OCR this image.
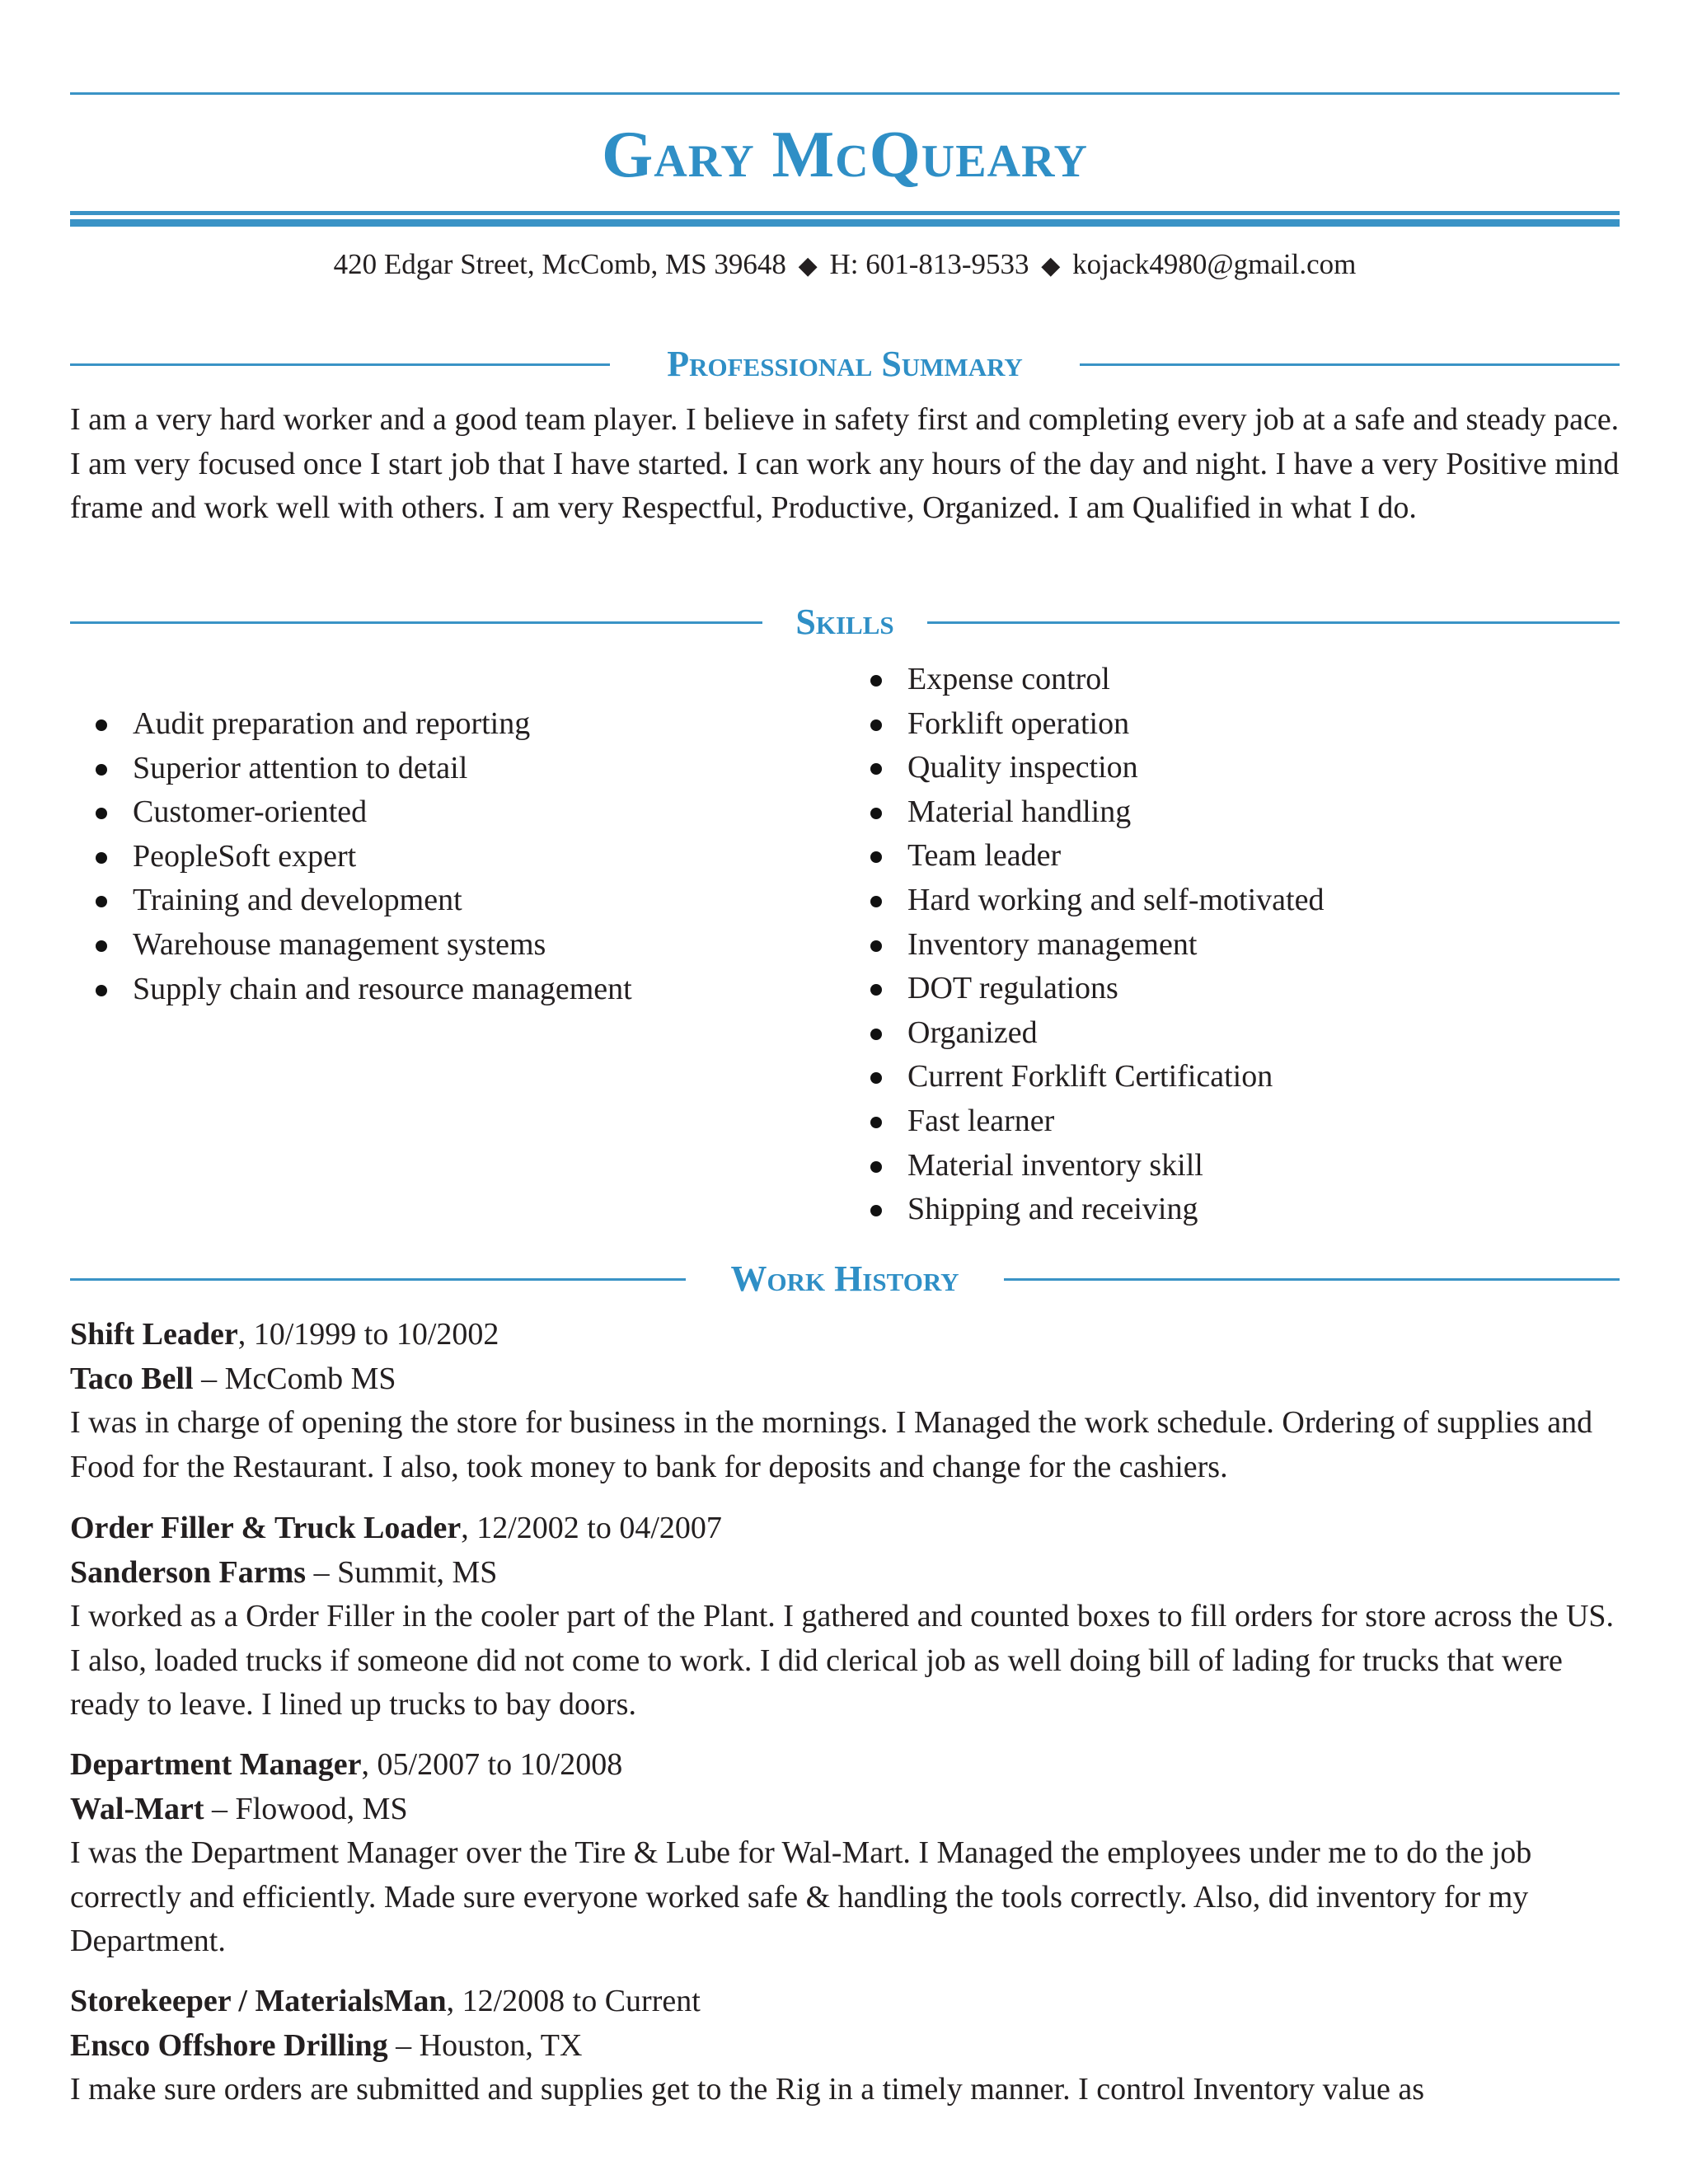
Gary McQueary
420 Edgar Street, McComb, MS 39648 ◆ H: 601-813-9533 ◆ kojack4980@gmail.com
Professional Summary

I am a very hard worker and a good team player. I believe in safety first and completing every job at a safe and steady pace. I am very focused once I start job that I have started. I can work any hours of the day and night. I have a very Positive mind frame and work well with others. I am very Respectful, Productive, Organized. I am Qualified in what I do.

Skills
Audit preparation and reporting
Superior attention to detail
Customer-oriented
PeopleSoft expert
Training and development
Warehouse management systems
Supply chain and resource management
Expense control
Forklift operation
Quality inspection
Material handling
Team leader
Hard working and self-motivated
Inventory management
DOT regulations
Organized
Current Forklift Certification
Fast learner
Material inventory skill
Shipping and receiving
Work History
Shift Leader, 10/1999 to 10/2002
Taco Bell – McComb MS
I was in charge of opening the store for business in the mornings. I Managed the work schedule. Ordering of supplies and Food for the Restaurant. I also, took money to bank for deposits and change for the cashiers.
Order Filler & Truck Loader, 12/2002 to 04/2007
Sanderson Farms – Summit, MS
I worked as a Order Filler in the cooler part of the Plant. I gathered and counted boxes to fill orders for store across the US. I also, loaded trucks if someone did not come to work. I did clerical job as well doing bill of lading for trucks that were ready to leave. I lined up trucks to bay doors.
Department Manager, 05/2007 to 10/2008
Wal-Mart – Flowood, MS
I was the Department Manager over the Tire & Lube for Wal-Mart. I Managed the employees under me to do the job correctly and efficiently. Made sure everyone worked safe & handling the tools correctly. Also, did inventory for my Department.
Storekeeper / MaterialsMan, 12/2008 to Current
Ensco Offshore Drilling – Houston, TX
I make sure orders are submitted and supplies get to the Rig in a timely manner. I control Inventory value as
